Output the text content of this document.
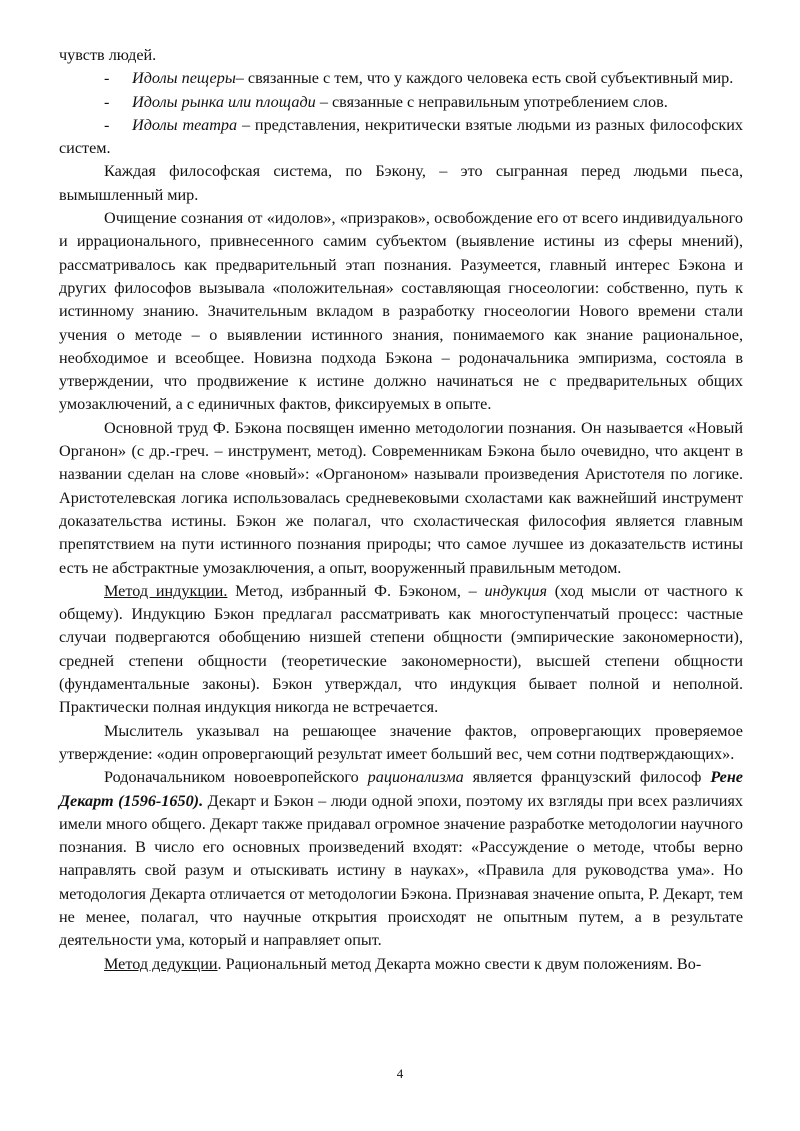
чувств людей.

- Идолы пещеры– связанные с тем, что у каждого человека есть свой субъективный мир.

- Идолы рынка или площади – связанные с неправильным употреблением слов.

- Идолы театра – представления, некритически взятые людьми из разных философских систем.

Каждая философская система, по Бэкону, – это сыгранная перед людьми пьеса, вымышленный мир.

Очищение сознания от «идолов», «призраков», освобождение его от всего индивидуального и иррационального, привнесенного самим субъектом (выявление истины из сферы мнений), рассматривалось как предварительный этап познания. Разумеется, главный интерес Бэкона и других философов вызывала «положительная» составляющая гносеологии: собственно, путь к истинному знанию. Значительным вкладом в разработку гносеологии Нового времени стали учения о методе – о выявлении истинного знания, понимаемого как знание рациональное, необходимое и всеобщее. Новизна подхода Бэкона – родоначальника эмпиризма, состояла в утверждении, что продвижение к истине должно начинаться не с предварительных общих умозаключений, а с единичных фактов, фиксируемых в опыте.

Основной труд Ф. Бэкона посвящен именно методологии познания. Он называется «Новый Органон» (с др.-греч. – инструмент, метод). Современникам Бэкона было очевидно, что акцент в названии сделан на слове «новый»: «Органоном» называли произведения Аристотеля по логике. Аристотелевская логика использовалась средневековыми схоластами как важнейший инструмент доказательства истины. Бэкон же полагал, что схоластическая философия является главным препятствием на пути истинного познания природы; что самое лучшее из доказательств истины есть не абстрактные умозаключения, а опыт, вооруженный правильным методом.

Метод индукции. Метод, избранный Ф. Бэконом, – индукция (ход мысли от частного к общему). Индукцию Бэкон предлагал рассматривать как многоступенчатый процесс: частные случаи подвергаются обобщению низшей степени общности (эмпирические закономерности), средней степени общности (теоретические закономерности), высшей степени общности (фундаментальные законы). Бэкон утверждал, что индукция бывает полной и неполной. Практически полная индукция никогда не встречается.

Мыслитель указывал на решающее значение фактов, опровергающих проверяемое утверждение: «один опровергающий результат имеет больший вес, чем сотни подтверждающих».

Родоначальником новоевропейского рационализма является французский философ Рене Декарт (1596-1650). Декарт и Бэкон – люди одной эпохи, поэтому их взгляды при всех различиях имели много общего. Декарт также придавал огромное значение разработке методологии научного познания. В число его основных произведений входят: «Рассуждение о методе, чтобы верно направлять свой разум и отыскивать истину в науках», «Правила для руководства ума». Но методология Декарта отличается от методологии Бэкона. Признавая значение опыта, Р. Декарт, тем не менее, полагал, что научные открытия происходят не опытным путем, а в результате деятельности ума, который и направляет опыт.

Метод дедукции. Рациональный метод Декарта можно свести к двум положениям. Во-

4
